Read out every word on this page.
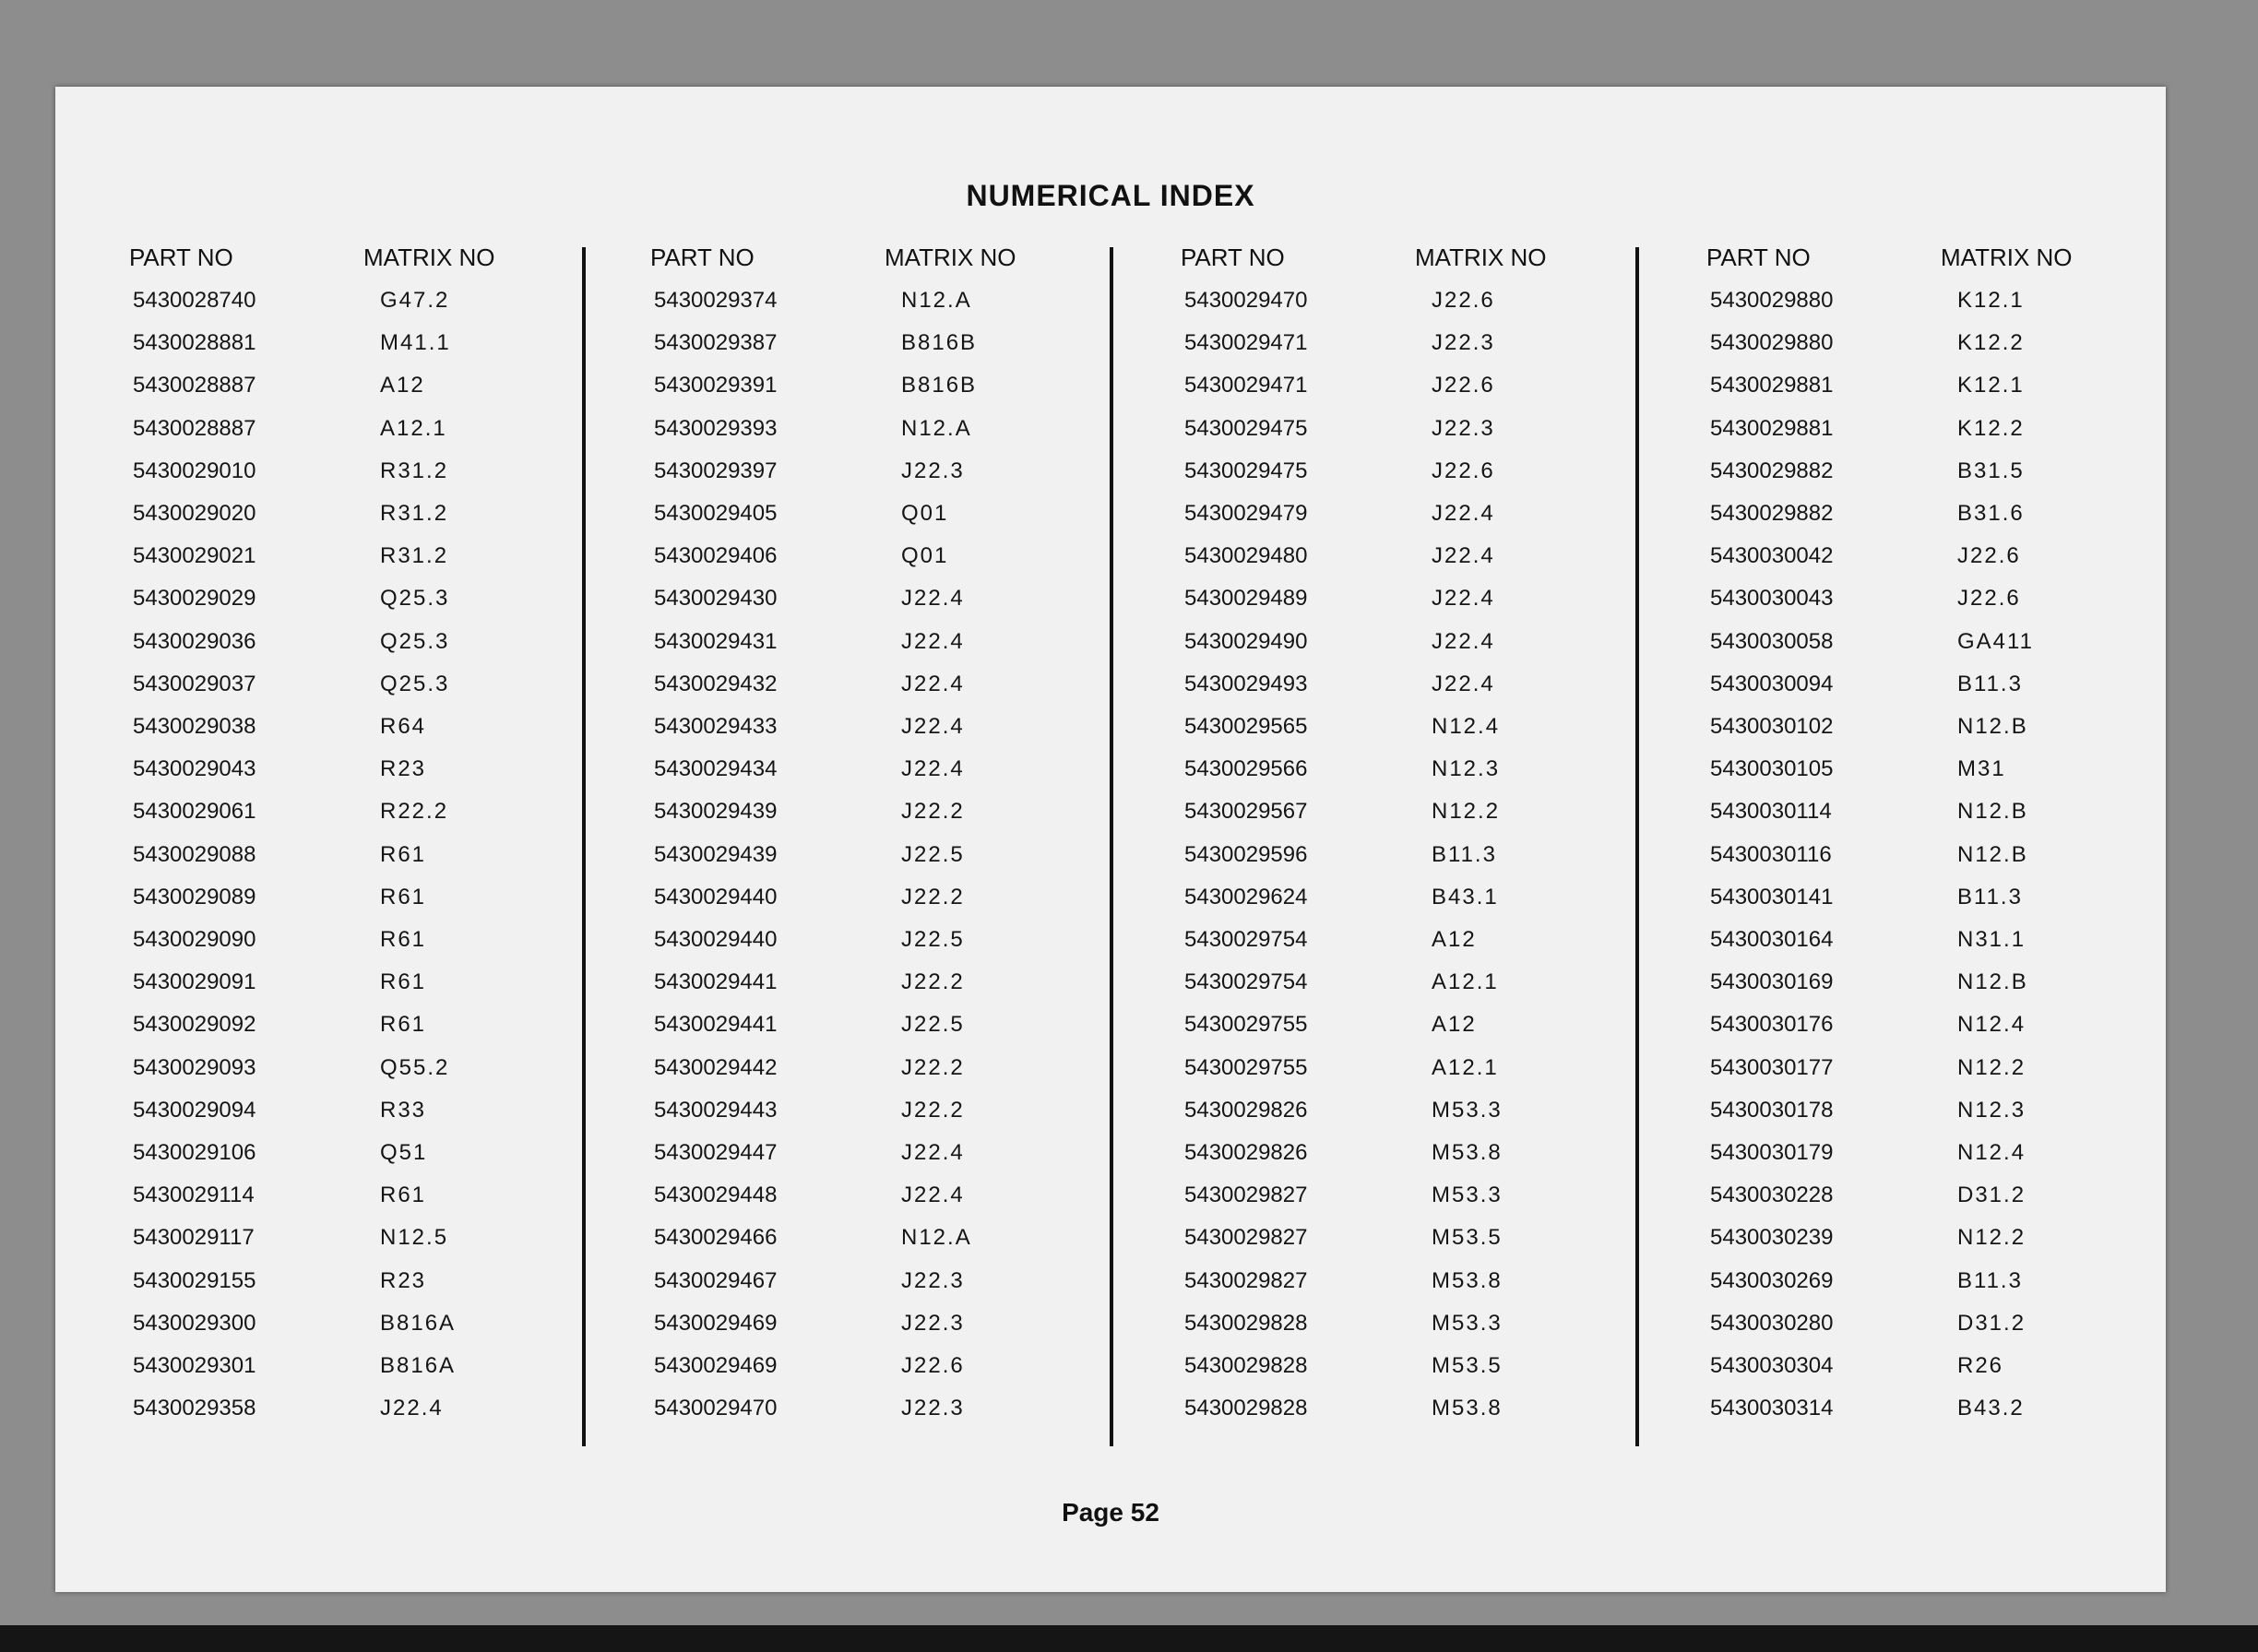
NUMERICAL INDEX
PART NO	MATRIX NO
5430028740	G47.2
5430028881	M41.1
5430028887	A12
5430028887	A12.1
5430029010	R31.2
5430029020	R31.2
5430029021	R31.2
5430029029	Q25.3
5430029036	Q25.3
5430029037	Q25.3
5430029038	R64
5430029043	R23
5430029061	R22.2
5430029088	R61
5430029089	R61
5430029090	R61
5430029091	R61
5430029092	R61
5430029093	Q55.2
5430029094	R33
5430029106	Q51
5430029114	R61
5430029117	N12.5
5430029155	R23
5430029300	B816A
5430029301	B816A
5430029358	J22.4
PART NO	MATRIX NO
5430029374	N12.A
5430029387	B816B
5430029391	B816B
5430029393	N12.A
5430029397	J22.3
5430029405	Q01
5430029406	Q01
5430029430	J22.4
5430029431	J22.4
5430029432	J22.4
5430029433	J22.4
5430029434	J22.4
5430029439	J22.2
5430029439	J22.5
5430029440	J22.2
5430029440	J22.5
5430029441	J22.2
5430029441	J22.5
5430029442	J22.2
5430029443	J22.2
5430029447	J22.4
5430029448	J22.4
5430029466	N12.A
5430029467	J22.3
5430029469	J22.3
5430029469	J22.6
5430029470	J22.3
PART NO	MATRIX NO
5430029470	J22.6
5430029471	J22.3
5430029471	J22.6
5430029475	J22.3
5430029475	J22.6
5430029479	J22.4
5430029480	J22.4
5430029489	J22.4
5430029490	J22.4
5430029493	J22.4
5430029565	N12.4
5430029566	N12.3
5430029567	N12.2
5430029596	B11.3
5430029624	B43.1
5430029754	A12
5430029754	A12.1
5430029755	A12
5430029755	A12.1
5430029826	M53.3
5430029826	M53.8
5430029827	M53.3
5430029827	M53.5
5430029827	M53.8
5430029828	M53.3
5430029828	M53.5
5430029828	M53.8
PART NO	MATRIX NO
5430029880	K12.1
5430029880	K12.2
5430029881	K12.1
5430029881	K12.2
5430029882	B31.5
5430029882	B31.6
5430030042	J22.6
5430030043	J22.6
5430030058	GA411
5430030094	B11.3
5430030102	N12.B
5430030105	M31
5430030114	N12.B
5430030116	N12.B
5430030141	B11.3
5430030164	N31.1
5430030169	N12.B
5430030176	N12.4
5430030177	N12.2
5430030178	N12.3
5430030179	N12.4
5430030228	D31.2
5430030239	N12.2
5430030269	B11.3
5430030280	D31.2
5430030304	R26
5430030314	B43.2
Page 52
